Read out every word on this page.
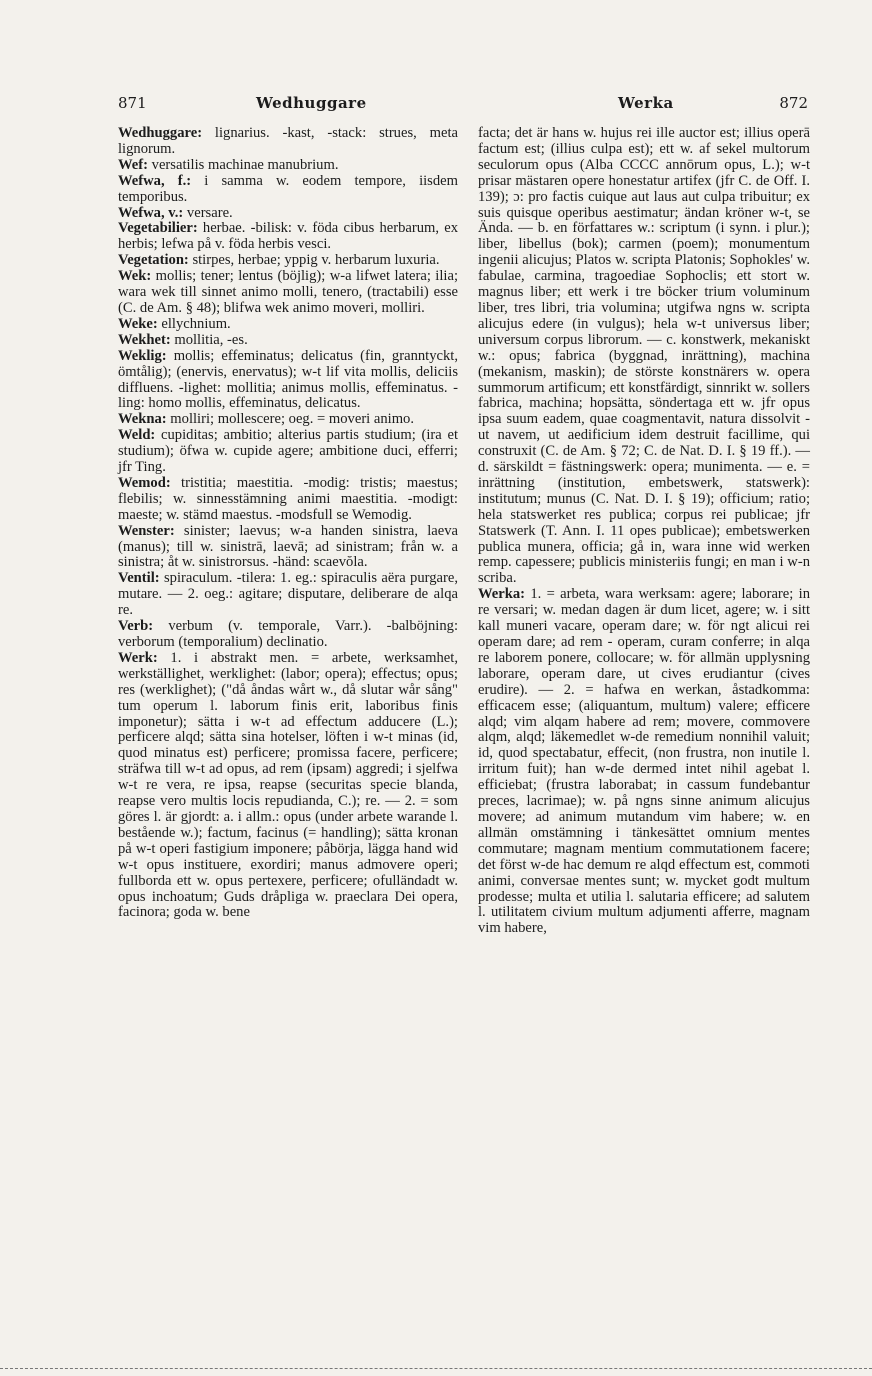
871	Wedhuggare	Werka	872

Wedhuggare: lignarius. -kast, -stack: strues, meta lignorum.

Wef: versatilis machinae manubrium.

Wefwa, f.: i samma w. eodem tempore, iisdem temporibus.

Wefwa, v.: versare.

Vegetabilier: herbae. -bilisk: v. föda cibus herbarum, ex herbis; lefwa på v. föda herbis vesci.

Vegetation: stirpes, herbae; yppig v. herbarum luxuria.

Wek: mollis; tener; lentus (böjlig); w-a lifwet latera; ilia; wara wek till sinnet animo molli, tenero, (tractabili) esse (C. de Am. § 48); blifwa wek animo moveri, molliri.

Weke: ellychnium.

Wekhet: mollitia, -es.

Weklig: mollis; effeminatus; delicatus (fin, granntyckt, ömtålig); (enervis, enervatus); w-t lif vita mollis, deliciis diffluens. -lighet: mollitia; animus mollis, effeminatus. -ling: homo mollis, effeminatus, delicatus.

Wekna: molliri; mollescere; oeg. = moveri animo.

Weld: cupiditas; ambitio; alterius partis studium; (ira et studium); öfwa w. cupide agere; ambitione duci, efferri; jfr Ting.

Wemod: tristitia; maestitia. -modig: tristis; maestus; flebilis; w. sinnesstämning animi maestitia. -modigt: maeste; w. stämd maestus. -modsfull se Wemodig.

Wenster: sinister; laevus; w-a handen sinistra, laeva (manus); till w. sinistrā, laevā; ad sinistram; från w. a sinistra; åt w. sinistrorsus. -händ: scaevŏla.

Ventil: spiraculum. -tilera: 1. eg.: spiraculis aëra purgare, mutare. — 2. oeg.: agitare; disputare, deliberare de alqa re.

Verb: verbum (v. temporale, Varr.). -balböjning: verborum (temporalium) declinatio.

Werk: 1. i abstrakt men. = arbete, werksamhet, werkställighet, werklighet: (labor; opera); effectus; opus; res (werklighet); ("då åndas wårt w., då slutar wår sång" tum operum l. laborum finis erit, laboribus finis imponetur); sätta i w-t ad effectum adducere (L.); perficere alqd; sätta sina hotelser, löften i w-t minas (id, quod minatus est) perficere; promissa facere, perficere; sträfwa till w-t ad opus, ad rem (ipsam) aggredi; i sjelfwa w-t re vera, re ipsa, reapse (securitas specie blanda, reapse vero multis locis repudianda, C.); re. — 2. = som göres l. är gjordt: a. i allm.: opus (under arbete warande l. bestående w.); factum, facinus (= handling); sätta kronan på w-t operi fastigium imponere; påbörja, lägga hand wid w-t opus instituere, exordiri; manus admovere operi; fullborda ett w. opus pertexere, perficere; ofulländadt w. opus inchoatum; Guds dråpliga w. praeclara Dei opera, facinora; goda w. bene

facta; det är hans w. hujus rei ille auctor est; illius operā factum est; (illius culpa est); ett w. af sekel multorum seculorum opus (Alba CCCC annōrum opus, L.); w-t prisar mästaren opere honestatur artifex (jfr C. de Off. I. 139); ɔ: pro factis cuique aut laus aut culpa tribuitur; ex suis quisque operibus aestimatur; ändan kröner w-t, se Ända. — b. en författares w.: scriptum (i synn. i plur.); liber, libellus (bok); carmen (poem); monumentum ingenii alicujus; Platos w. scripta Platonis; Sophokles' w. fabulae, carmina, tragoediae Sophoclis; ett stort w. magnus liber; ett werk i tre böcker trium voluminum liber, tres libri, tria volumina; utgifwa ngns w. scripta alicujus edere (in vulgus); hela w-t universus liber; universum corpus librorum. — c. konstwerk, mekaniskt w.: opus; fabrica (byggnad, inrättning), machina (mekanism, maskin); de störste konstnärers w. opera summorum artificum; ett konstfärdigt, sinnrikt w. sollers fabrica, machina; hopsätta, söndertaga ett w. jfr opus ipsa suum eadem, quae coagmentavit, natura dissolvit - ut navem, ut aedificium idem destruit facillime, qui construxit (C. de Am. § 72; C. de Nat. D. I. § 19 ff.). — d. särskildt = fästningswerk: opera; munimenta. — e. = inrättning (institution, embetswerk, statswerk): institutum; munus (C. Nat. D. I. § 19); officium; ratio; hela statswerket res publica; corpus rei publicae; jfr Statswerk (T. Ann. I. 11 opes publicae); embetswerken publica munera, officia; gå in, wara inne wid werken remp. capessere; publicis ministeriis fungi; en man i w-n scriba.

Werka: 1. = arbeta, wara werksam: agere; laborare; in re versari; w. medan dagen är dum licet, agere; w. i sitt kall muneri vacare, operam dare; w. för ngt alicui rei operam dare; ad rem - operam, curam conferre; in alqa re laborem ponere, collocare; w. för allmän upplysning laborare, operam dare, ut cives erudiantur (cives erudire). — 2. = hafwa en werkan, åstadkomma: efficacem esse; (aliquantum, multum) valere; efficere alqd; vim alqam habere ad rem; movere, commovere alqm, alqd; läkemedlet w-de remedium nonnihil valuit; id, quod spectabatur, effecit, (non frustra, non inutile l. irritum fuit); han w-de dermed intet nihil agebat l. efficiebat; (frustra laborabat; in cassum fundebantur preces, lacrimae); w. på ngns sinne animum alicujus movere; ad animum mutandum vim habere; w. en allmän omstämning i tänkesättet omnium mentes commutare; magnam mentium commutationem facere; det först w-de hac demum re alqd effectum est, commoti animi, conversae mentes sunt; w. mycket godt multum prodesse; multa et utilia l. salutaria efficere; ad salutem l. utilitatem civium multum adjumenti afferre, magnam vim habere,
